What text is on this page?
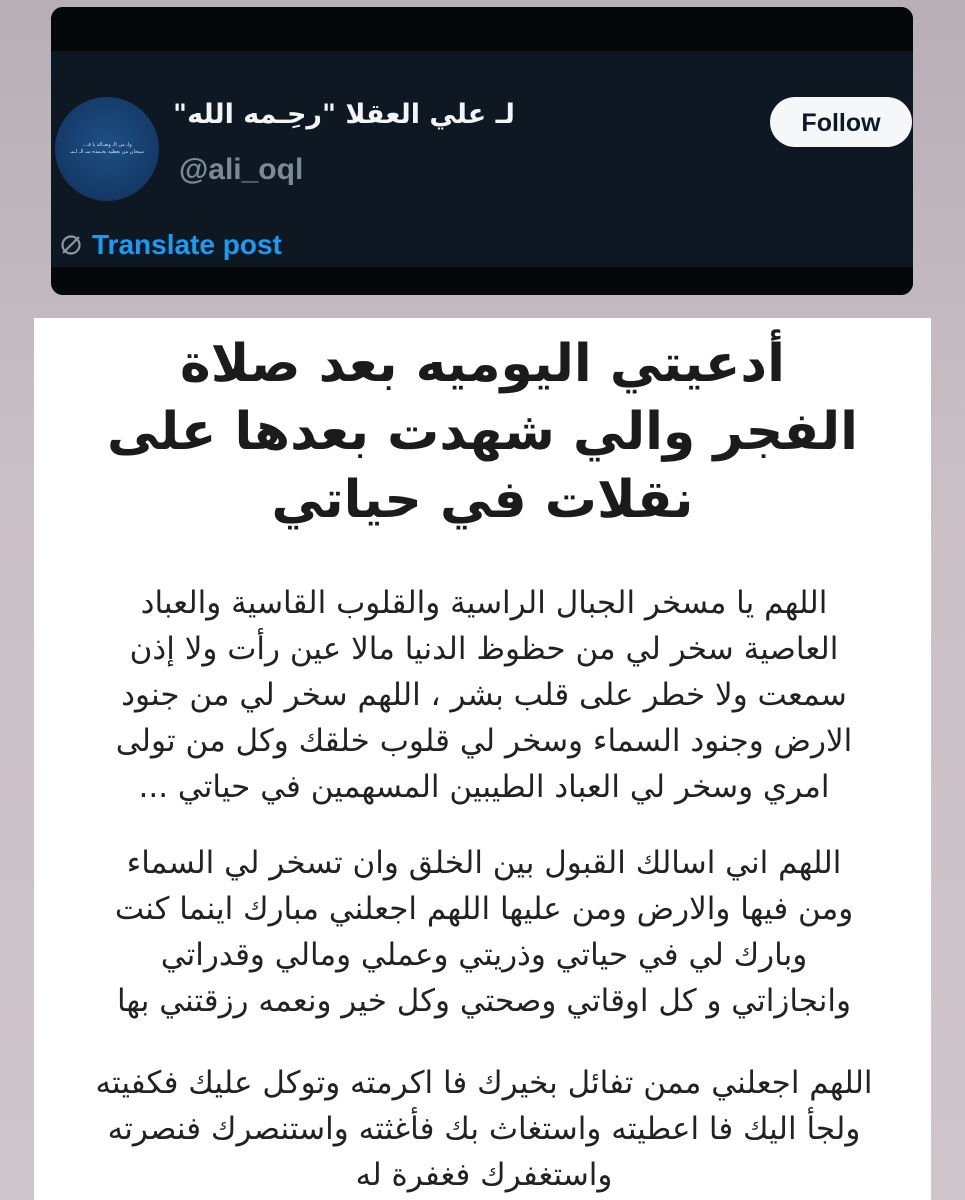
ولـ من الـ وصـالة يا قـ...
سبحان من يعطيه بحـمده سـ الـ لـمـ
لـ علي العقلا "رحِـمه الله"
@ali_oql
Follow
Translate post
أدعيتي اليوميه بعد صلاة
الفجر والي شهدت بعدها على
نقلات في حياتي

اللهم يا مسخر الجبال الراسية والقلوب القاسية والعباد
العاصية سخر لي من حظوظ الدنيا مالا عين رأت ولا إذن
سمعت ولا خطر على قلب بشر ، اللهم سخر لي من جنود
الارض وجنود السماء وسخر لي قلوب خلقك وكل من تولى
امري وسخر لي العباد الطيبين المسهمين في حياتي ...

اللهم اني اسالك القبول بين الخلق وان تسخر لي السماء
ومن فيها والارض ومن عليها اللهم اجعلني مبارك اينما كنت
وبارك لي في حياتي وذريتي وعملي ومالي وقدراتي
وانجازاتي و كل اوقاتي وصحتي وكل خير ونعمه رزقتني بها

اللهم اجعلني ممن تفائل بخيرك فا اكرمته وتوكل عليك فكفيته
ولجأ اليك فا اعطيته واستغاث بك فأغثته واستنصرك فنصرته
واستغفرك فغفرة له
